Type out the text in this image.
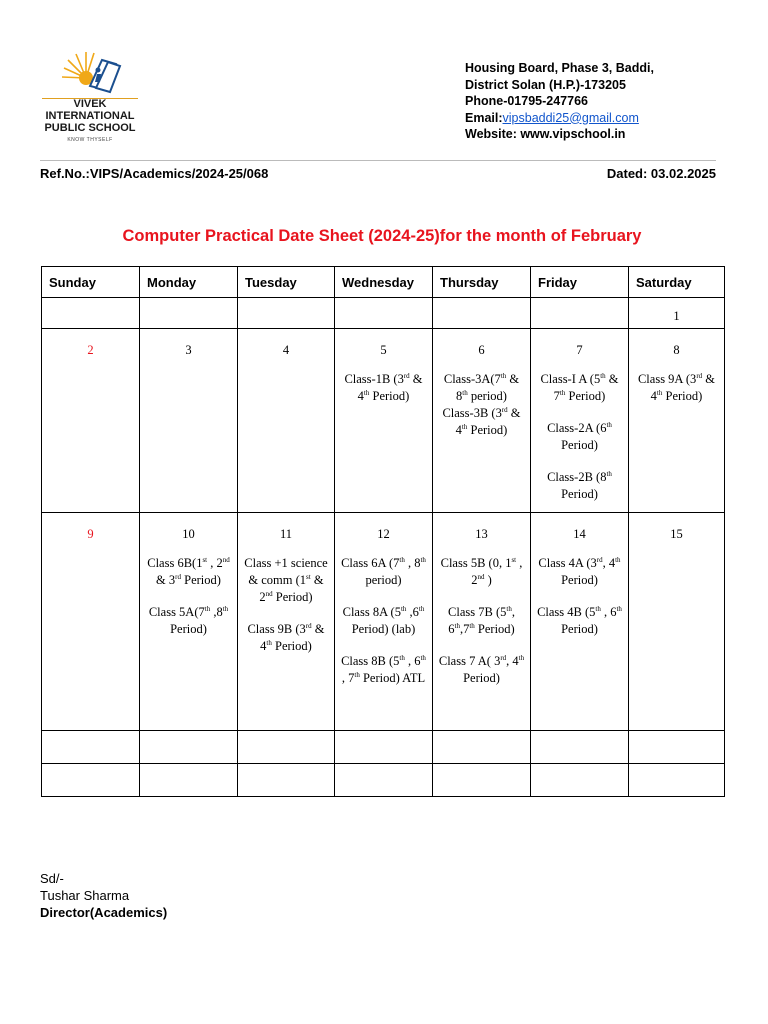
VIVEK
INTERNATIONAL
PUBLIC SCHOOL
KNOW THYSELF
Housing Board, Phase 3, Baddi,
District Solan (H.P.)-173205
Phone-01795-247766
Email:vipsbaddi25@gmail.com
Website: www.vipschool.in
Ref.No.:VIPS/Academics/2024-25/068	Dated: 03.02.2025
Computer Practical Date Sheet (2024-25)for the month of February
Sunday	Monday	Tuesday	Wednesday	Thursday	Friday	Saturday

						1

2	3	4	5
Class-1B (3rd & 4th Period)	6
Class-3A(7th & 8th period)
Class-3B (3rd & 4th Period)	7
Class-I A (5th & 7th Period)
Class-2A (6th Period)
Class-2B (8th Period)	8
Class 9A (3rd & 4th Period)

9	10
Class 6B(1st , 2nd & 3rd Period)
Class 5A(7th ,8th Period)	11
Class +1 science & comm (1st & 2nd Period)
Class 9B (3rd & 4th Period)	12
Class 6A (7th , 8th period)
Class 8A (5th ,6th Period) (lab)
Class 8B (5th , 6th , 7th Period) ATL	13
Class 5B (0, 1st , 2nd )
Class 7B (5th, 6th,7th Period)
Class 7 A( 3rd, 4th Period)	14
Class 4A (3rd, 4th Period)
Class 4B (5th , 6th Period)	15

Sd/-
Tushar Sharma
Director(Academics)
